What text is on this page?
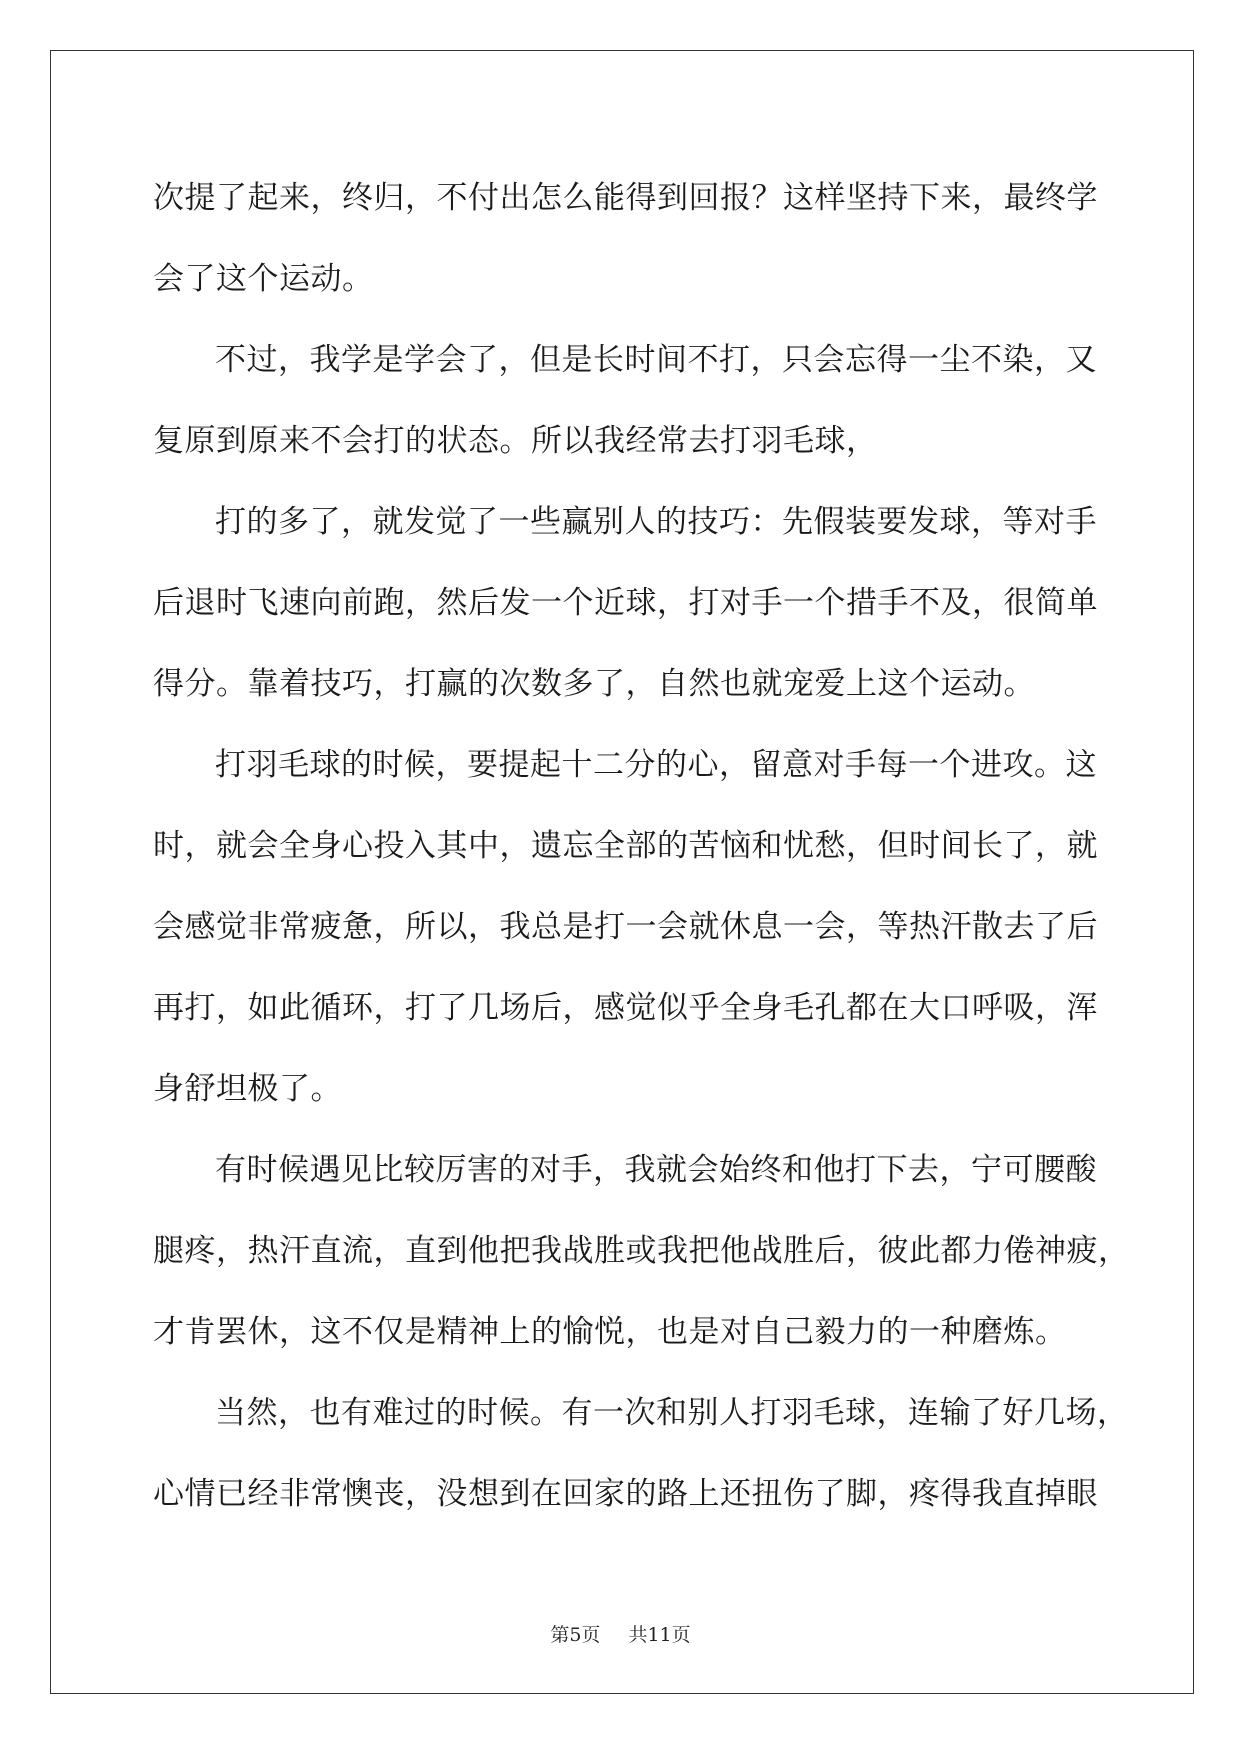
次提了起来，终归，不付出怎么能得到回报？这样坚持下来，最终学
会了这个运动。
不过，我学是学会了，但是长时间不打，只会忘得一尘不染，又
复原到原来不会打的状态。所以我经常去打羽毛球，
打的多了，就发觉了一些赢别人的技巧：先假装要发球，等对手
后退时飞速向前跑，然后发一个近球，打对手一个措手不及，很简单
得分。靠着技巧，打赢的次数多了，自然也就宠爱上这个运动。
打羽毛球的时候，要提起十二分的心，留意对手每一个进攻。这
时，就会全身心投入其中，遗忘全部的苦恼和忧愁，但时间长了，就
会感觉非常疲惫，所以，我总是打一会就休息一会，等热汗散去了后
再打，如此循环，打了几场后，感觉似乎全身毛孔都在大口呼吸，浑
身舒坦极了。
有时候遇见比较厉害的对手，我就会始终和他打下去，宁可腰酸
腿疼，热汗直流，直到他把我战胜或我把他战胜后，彼此都力倦神疲，
才肯罢休，这不仅是精神上的愉悦，也是对自己毅力的一种磨炼。
当然，也有难过的时候。有一次和别人打羽毛球，连输了好几场，
心情已经非常懊丧，没想到在回家的路上还扭伤了脚，疼得我直掉眼

第5页 共11页
